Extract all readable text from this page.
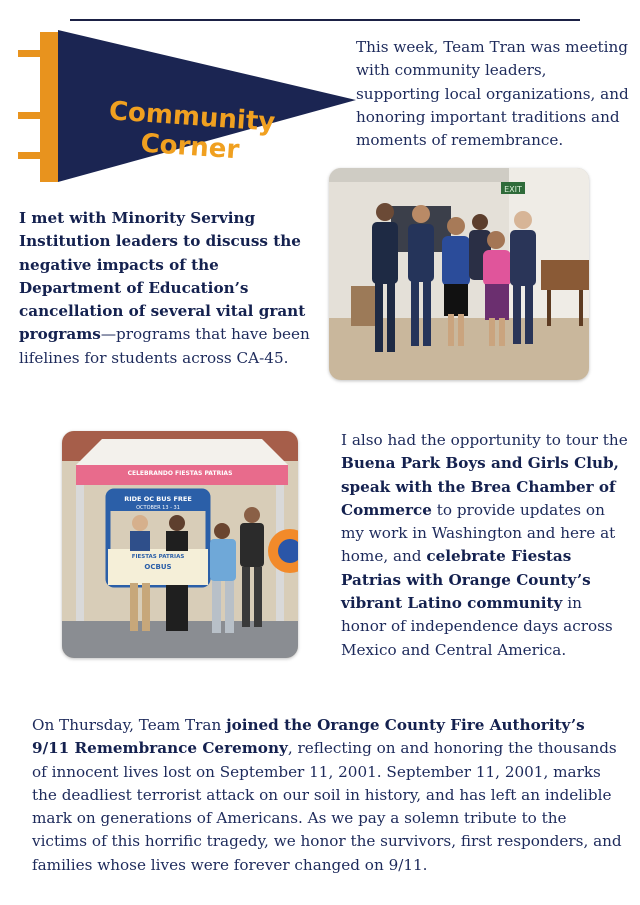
Community
Corner
This week, Team Tran was meeting with community leaders, supporting local organizations, and honoring important traditions and moments of remembrance.
I met with Minority Serving Institution leaders to discuss the negative impacts of the Department of Education’s cancellation of several vital grant programs—programs that have been lifelines for students across CA-45.
EXIT
CELEBRANDO FIESTAS PATRIAS
RIDE OC BUS FREE
OCTOBER 13 - 31
FIESTAS PATRIAS
OCBUS
I also had the opportunity to tour the Buena Park Boys and Girls Club, speak with the Brea Chamber of Commerce to provide updates on my work in Washington and here at home, and celebrate Fiestas Patrias with Orange County’s vibrant Latino community in honor of independence days across Mexico and Central America.
On Thursday, Team Tran joined the Orange County Fire Authority’s 9/11 Remembrance Ceremony, reflecting on and honoring the thousands of innocent lives lost on September 11, 2001. September 11, 2001, marks the deadliest terrorist attack on our soil in history, and has left an indelible mark on generations of Americans. As we pay a solemn tribute to the victims of this horrific tragedy, we honor the survivors, first responders, and families whose lives were forever changed on 9/11.
